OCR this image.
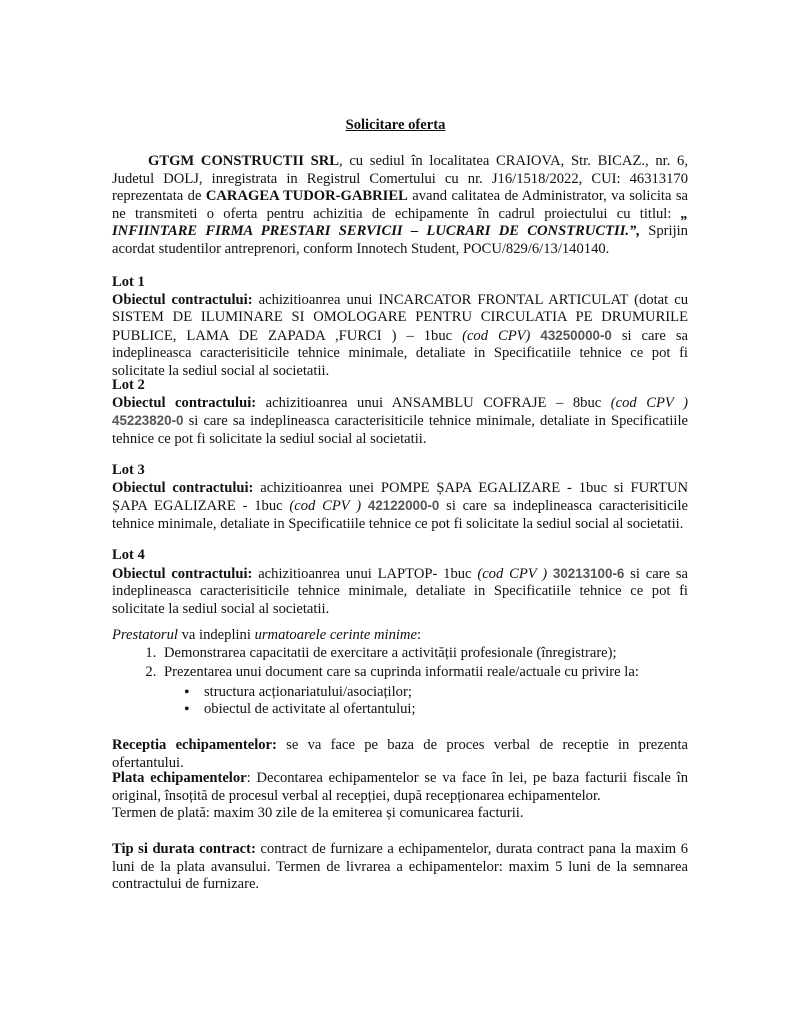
Solicitare oferta
GTGM CONSTRUCTII SRL, cu sediul în localitatea CRAIOVA, Str. BICAZ., nr. 6, Judetul DOLJ, inregistrata in Registrul Comertului cu nr. J16/1518/2022, CUI: 46313170 reprezentata de CARAGEA TUDOR-GABRIEL avand calitatea de Administrator, va solicita sa ne transmiteti o oferta pentru achizitia de echipamente în cadrul proiectului cu titlul: „ INFIINTARE FIRMA PRESTARI SERVICII – LUCRARI DE CONSTRUCTII.”, Sprijin acordat studentilor antreprenori, conform Innotech Student, POCU/829/6/13/140140.
Lot 1
Obiectul contractului: achizitioanrea unui INCARCATOR FRONTAL ARTICULAT (dotat cu SISTEM DE ILUMINARE SI OMOLOGARE PENTRU CIRCULATIA PE DRUMURILE PUBLICE, LAMA DE ZAPADA ,FURCI ) – 1buc (cod CPV) 43250000-0 si care sa indeplineasca caracterisiticile tehnice minimale, detaliate in Specificatiile tehnice ce pot fi solicitate la sediul social al societatii.
Lot 2
Obiectul contractului: achizitioanrea unui ANSAMBLU COFRAJE – 8buc (cod CPV ) 45223820-0 si care sa indeplineasca caracterisiticile tehnice minimale, detaliate in Specificatiile tehnice ce pot fi solicitate la sediul social al societatii.
Lot 3
Obiectul contractului: achizitioanrea unei POMPE ȘAPA EGALIZARE - 1buc si FURTUN ȘAPA EGALIZARE - 1buc (cod CPV ) 42122000-0 si care sa indeplineasca caracterisiticile tehnice minimale, detaliate in Specificatiile tehnice ce pot fi solicitate la sediul social al societatii.
Lot 4
Obiectul contractului: achizitioanrea unui LAPTOP- 1buc (cod CPV ) 30213100-6 si care sa indeplineasca caracterisiticile tehnice minimale, detaliate in Specificatiile tehnice ce pot fi solicitate la sediul social al societatii.
Prestatorul va indeplini urmatoarele cerinte minime:
1. Demonstrarea capacitatii de exercitare a activității profesionale (înregistrare);
2. Prezentarea unui document care sa cuprinda informatii reale/actuale cu privire la:
• structura acționariatului/asociaților;
• obiectul de activitate al ofertantului;
Receptia echipamentelor: se va face pe baza de proces verbal de receptie in prezenta ofertantului.
Plata echipamentelor: Decontarea echipamentelor se va face în lei, pe baza facturii fiscale în original, însoțită de procesul verbal al recepției, după recepționarea echipamentelor.
Termen de plată: maxim 30 zile de la emiterea și comunicarea facturii.
Tip si durata contract: contract de furnizare a echipamentelor, durata contract pana la maxim 6 luni de la plata avansului. Termen de livrarea a echipamentelor: maxim 5 luni de la semnarea contractului de furnizare.
